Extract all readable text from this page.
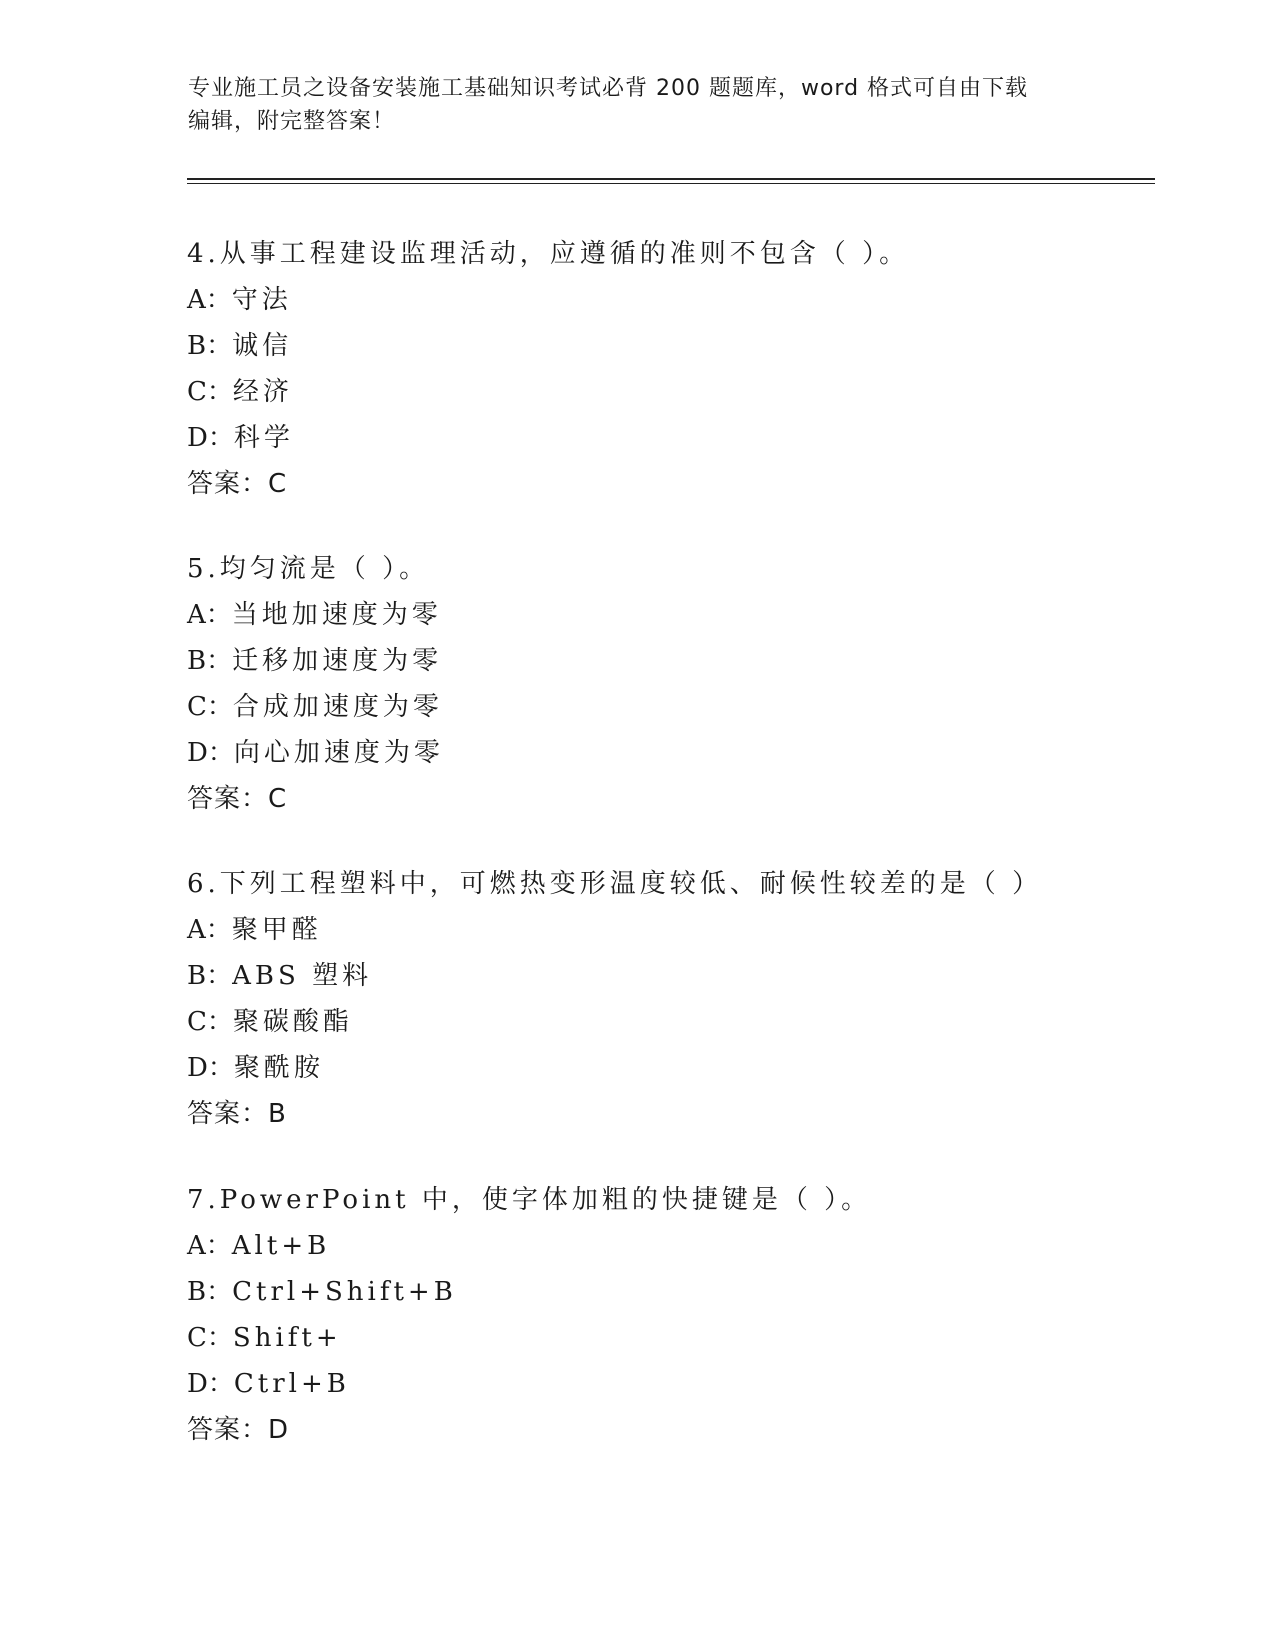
专业施工员之设备安装施工基础知识考试必背 200 题题库，word 格式可自由下载
编辑，附完整答案！
4.从事工程建设监理活动，应遵循的准则不包含（ ）。
A：守法
B：诚信
C：经济
D：科学
答案：C
5.均匀流是（ ）。
A：当地加速度为零
B：迁移加速度为零
C：合成加速度为零
D：向心加速度为零
答案：C
6.下列工程塑料中，可燃热变形温度较低、耐候性较差的是（ ）
A：聚甲醛
B：ABS 塑料
C：聚碳酸酯
D：聚酰胺
答案：B
7.PowerPoint 中，使字体加粗的快捷键是（ ）。
A：Alt+B
B：Ctrl+Shift+B
C：Shift+
D：Ctrl+B
答案：D
